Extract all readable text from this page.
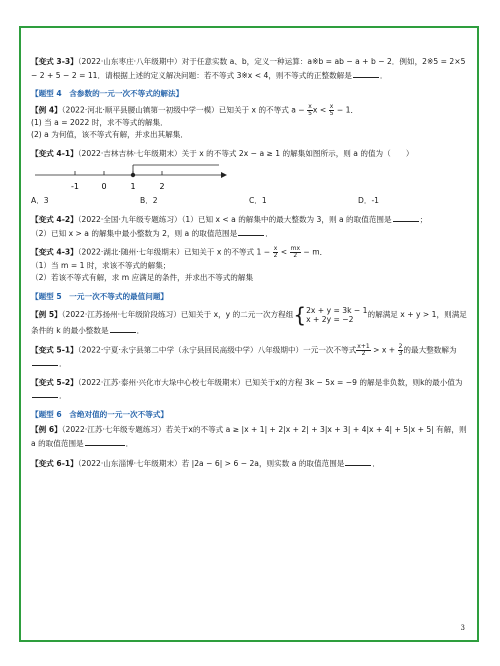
【变式 3-3】（2022·山东枣庄·八年级期中）对于任意实数 a、b，定义一种运算：a※b = ab − a + b − 2．例如，2※5 = 2×5 − 2 + 5 − 2 = 11．请根据上述的定义解决问题：若不等式 3※x < 4，则不等式的正整数解是	．

【题型 4　含参数的一元一次不等式的解法】

【例 4】（2022·河北·顺平县腰山镇第一初级中学一模）已知关于 x 的不等式 $a - \frac{x}{5}$ $x < \frac{x}{5} - 1$．

(1) 当 a = 2022 时，求不等式的解集．

(2) a 为何值，该不等式有解，并求出其解集．

【变式 4-1】（2022·吉林吉林·七年级期末）关于 x 的不等式 2x − a ≥ 1 的解集如图所示，则 a 的值为（　　）

-1	0	1	2
A．3	B．2	C．1	D．-1

【变式 4-2】（2022·全国·九年级专题练习）（1）已知 x < a 的解集中的最大整数为 3，则 a 的取值范围是	；

（2）已知 x > a 的解集中最小整数为 2，则 a 的取值范围是	．

【变式 4-3】（2022·湖北·随州·七年级期末）已知关于 x 的不等式 $1 - \frac{x}{2} < \frac{mx}{2} - m$．

（1）当 m = 1 时，求该不等式的解集；

（2）若该不等式有解，求 m 应满足的条件，并求出不等式的解集

【题型 5　一元一次不等式的最值问题】

【例 5】（2022·江苏扬州·七年级阶段练习）已知关于 x，y 的二元一次方程组{ 2x + y = 3k − 1
x + 2y = −2
的解满足 x + y > 1，则满足条件的 k 的最小整数是	．

【变式 5-1】（2022·宁夏·永宁县第二中学（永宁县回民高级中学）八年级期中）一元一次不等式 $\frac{x+1}{2} > x + \frac{2}{3}$ 的最大整数解为．

【变式 5-2】（2022·江苏·泰州·兴化市大垛中心校七年级期末）已知关于x的方程 3k − 5x = −9 的解是非负数，则k的最小值为．

【题型 6　含绝对值的一元一次不等式】

【例 6】（2022·江苏·七年级专题练习）若关于x的不等式 a ≥ |x + 1| + 2|x + 2| + 3|x + 3| + 4|x + 4| + 5|x + 5| 有解，则 a 的取值范围是	．

【变式 6-1】（2022·山东淄博·七年级期末）若 |2a − 6| > 6 − 2a，则实数 a 的取值范围是	．

3
